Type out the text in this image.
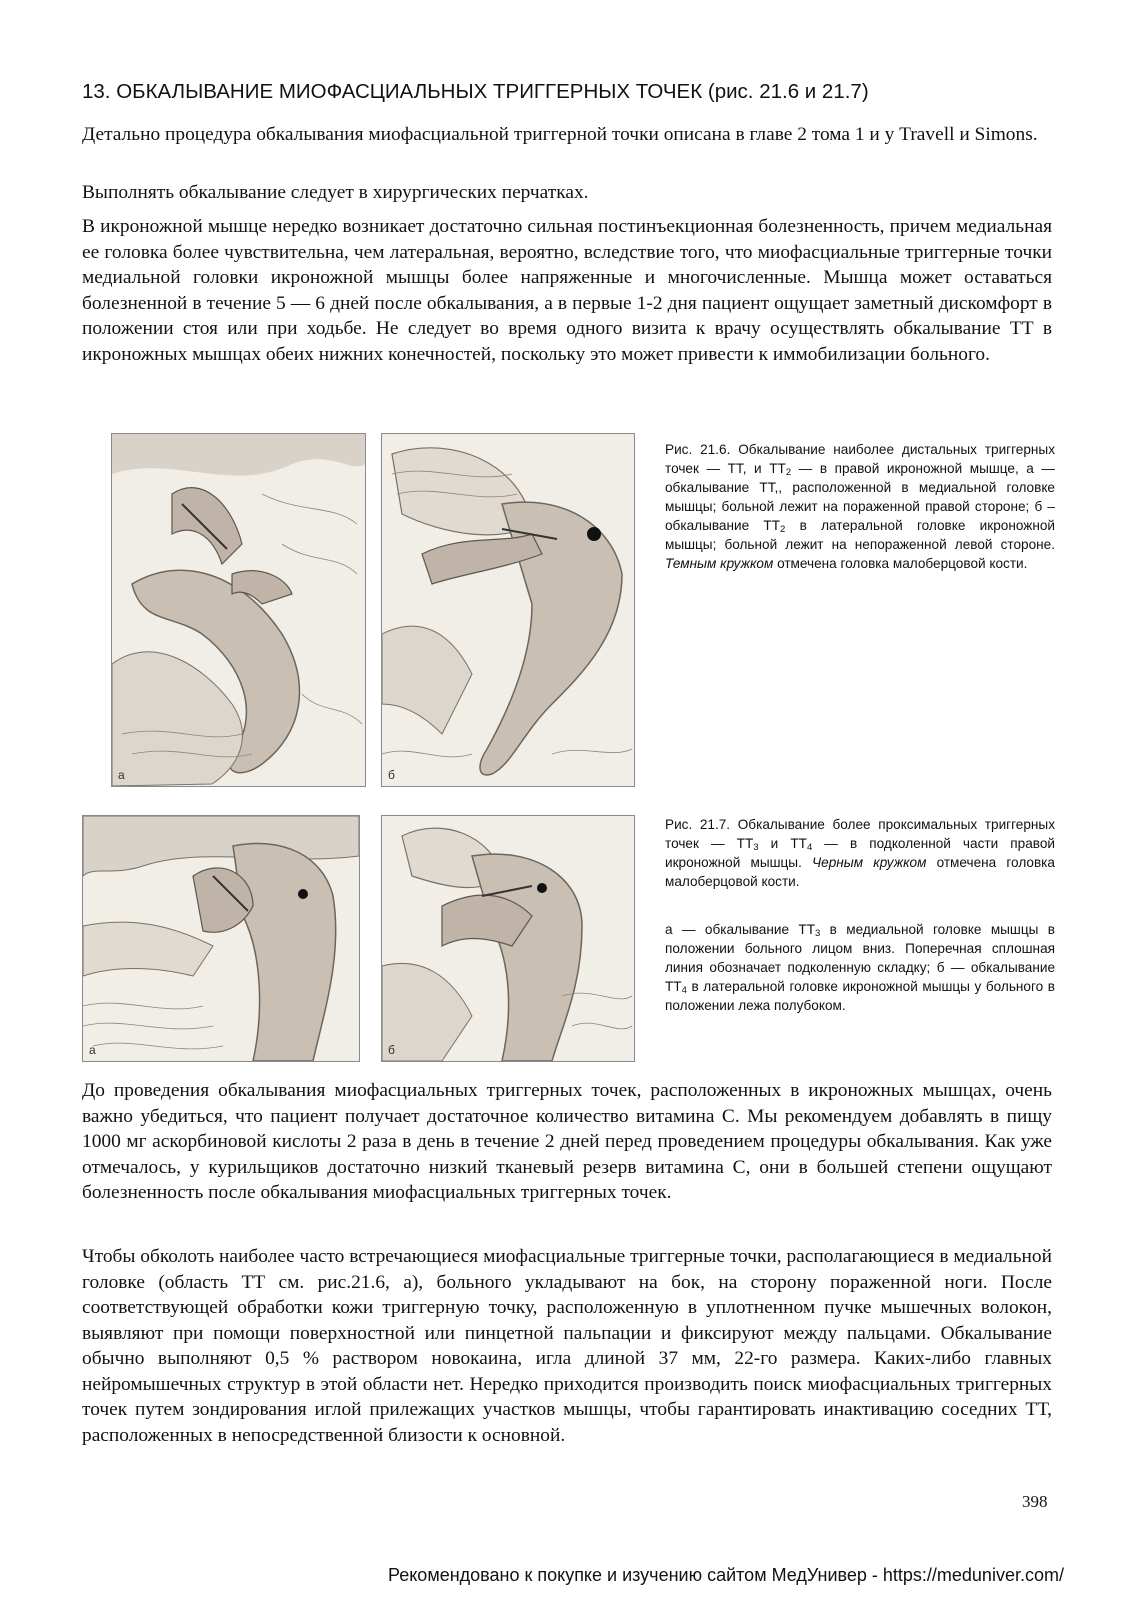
13. ОБКАЛЫВАНИЕ МИОФАСЦИАЛЬНЫХ ТРИГГЕРНЫХ ТОЧЕК (рис. 21.6 и 21.7)

Детально процедура обкалывания миофасциальной триггерной точки описана в главе 2 тома 1 и у Travell и Simons.

Выполнять обкалывание следует в хирургических перчатках.

В икроножной мышце нередко возникает достаточно сильная постинъекционная болезненность, причем медиальная ее головка более чувствительна, чем латеральная, вероятно, вследствие того, что миофасциальные триггерные точки медиальной головки икроножной мышцы более напряженные и многочисленные. Мышца может оставаться болезненной в течение 5 — 6 дней после обкалывания, а в первые 1-2 дня пациент ощущает заметный дискомфорт в положении стоя или при ходьбе. Не следует во время одного визита к врачу осуществлять обкалывание ТТ в икроножных мышцах обеих нижних конечностей, поскольку это может привести к иммобилизации больного.

а	б

Рис. 21.6. Обкалывание наиболее дистальных триггерных точек — ТТ, и $ТТ_2$ — в правой икроножной мышце, а — обкалывание ТТ,, расположенной в медиальной головке мышцы; больной лежит на пораженной правой стороне; б – обкалывание $ТТ_2$ в латеральной головке икроножной мышцы; больной лежит на непораженной левой стороне. Темным кружком отмечена головка малоберцовой кости.

а	б

Рис. 21.7. Обкалывание более проксимальных триггерных точек — $ТТ_3$ и $ТТ_4$ — в подколенной части правой икроножной мышцы. Черным кружком отмечена головка малоберцовой кости.

а — обкалывание $ТТ_3$ в медиальной головке мышцы в положении больного лицом вниз. Поперечная сплошная линия обозначает подколенную складку; б — обкалывание $ТТ_4$ в латеральной головке икроножной мышцы у больного в положении лежа полубоком.

До проведения обкалывания миофасциальных триггерных точек, расположенных в икроножных мышцах, очень важно убедиться, что пациент получает достаточное количество витамина С. Мы рекомендуем добавлять в пищу 1000 мг аскорбиновой кислоты 2 раза в день в течение 2 дней перед проведением процедуры обкалывания. Как уже отмечалось, у курильщиков достаточно низкий тканевый резерв витамина С, они в большей степени ощущают болезненность после обкалывания миофасциальных триггерных точек.

Чтобы обколоть наиболее часто встречающиеся миофасциальные триггерные точки, располагающиеся в медиальной головке (область ТТ см. рис.21.6, а), больного укладывают на бок, на сторону пораженной ноги. После соответствующей обработки кожи триггерную точку, расположенную в уплотненном пучке мышечных волокон, выявляют при помощи поверхностной или пинцетной пальпации и фиксируют между пальцами. Обкалывание обычно выполняют 0,5 % раствором новокаина, игла длиной 37 мм, 22-го размера. Каких-либо главных нейромышечных структур в этой области нет. Нередко приходится производить поиск миофасциальных триггерных точек путем зондирования иглой прилежащих участков мышцы, чтобы гарантировать инактивацию соседних ТТ, расположенных в непосредственной близости к основной.

398
Рекомендовано к покупке и изучению сайтом МедУнивер - https://meduniver.com/
